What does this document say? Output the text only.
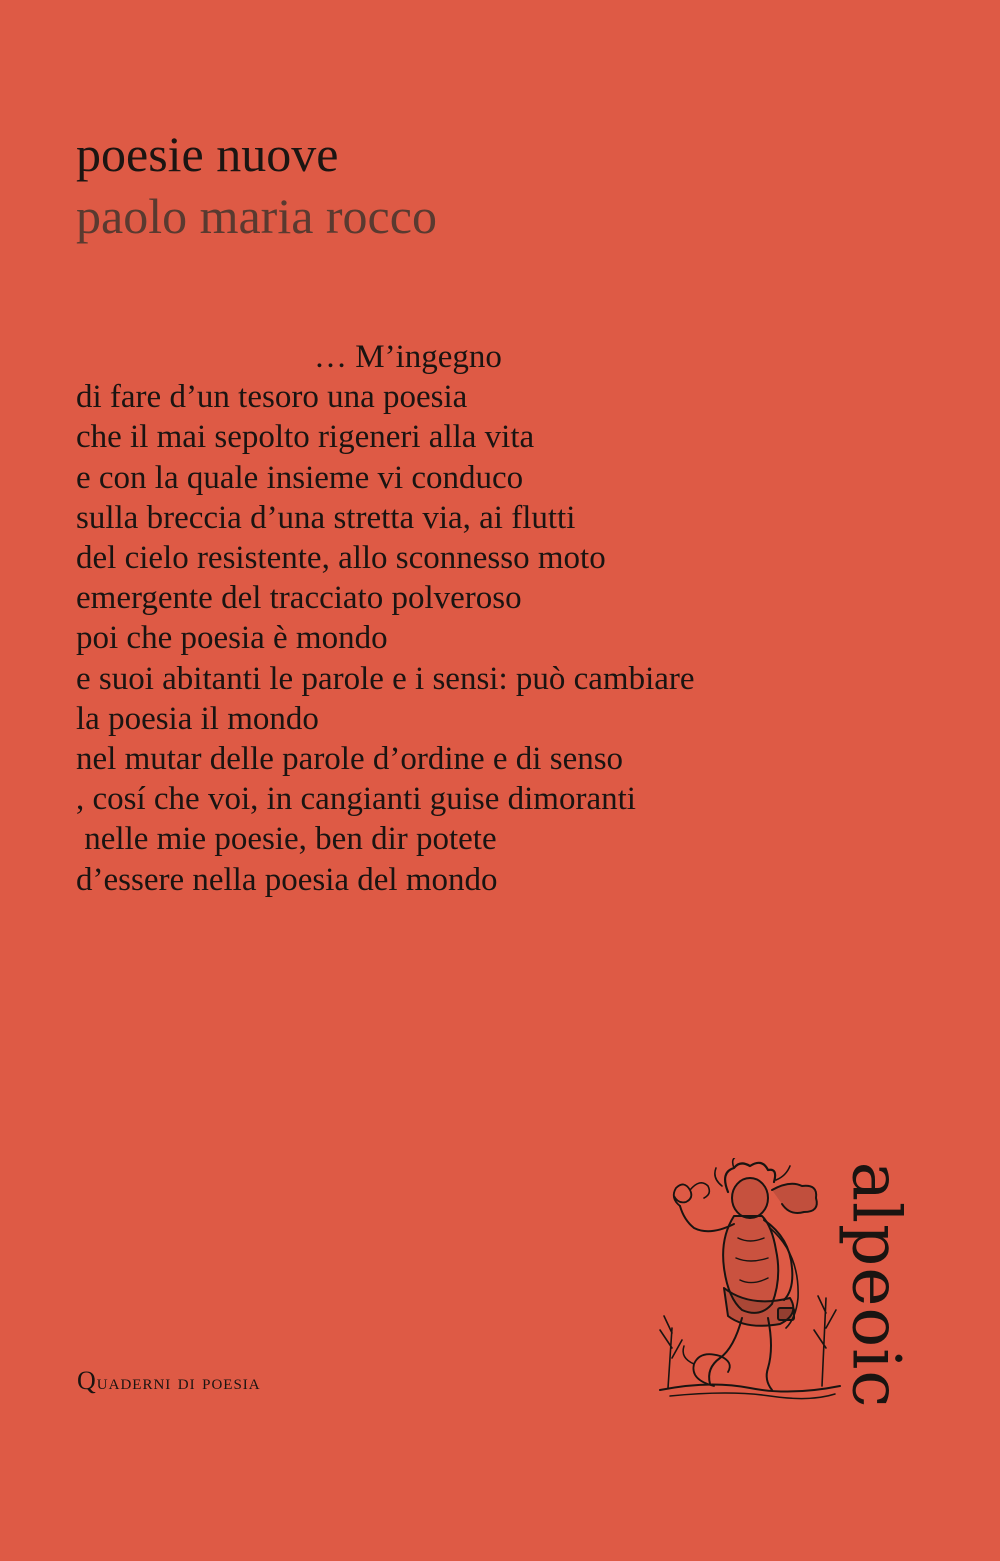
poesie nuove
paolo maria rocco
… M’ingegno
di fare d’un tesoro una poesia
che il mai sepolto rigeneri alla vita
e con la quale insieme vi conduco
sulla breccia d’una stretta via, ai flutti
del cielo resistente, allo sconnesso moto
emergente del tracciato polveroso
poi che poesia è mondo
e suoi abitanti le parole e i sensi: può cambiare
la poesia il mondo
nel mutar delle parole d’ordine e di senso
, cosí che voi, in cangianti guise dimoranti
nelle mie poesie, ben dir potete
d’essere nella poesia del mondo
Quaderni di poesia	alpeoic
